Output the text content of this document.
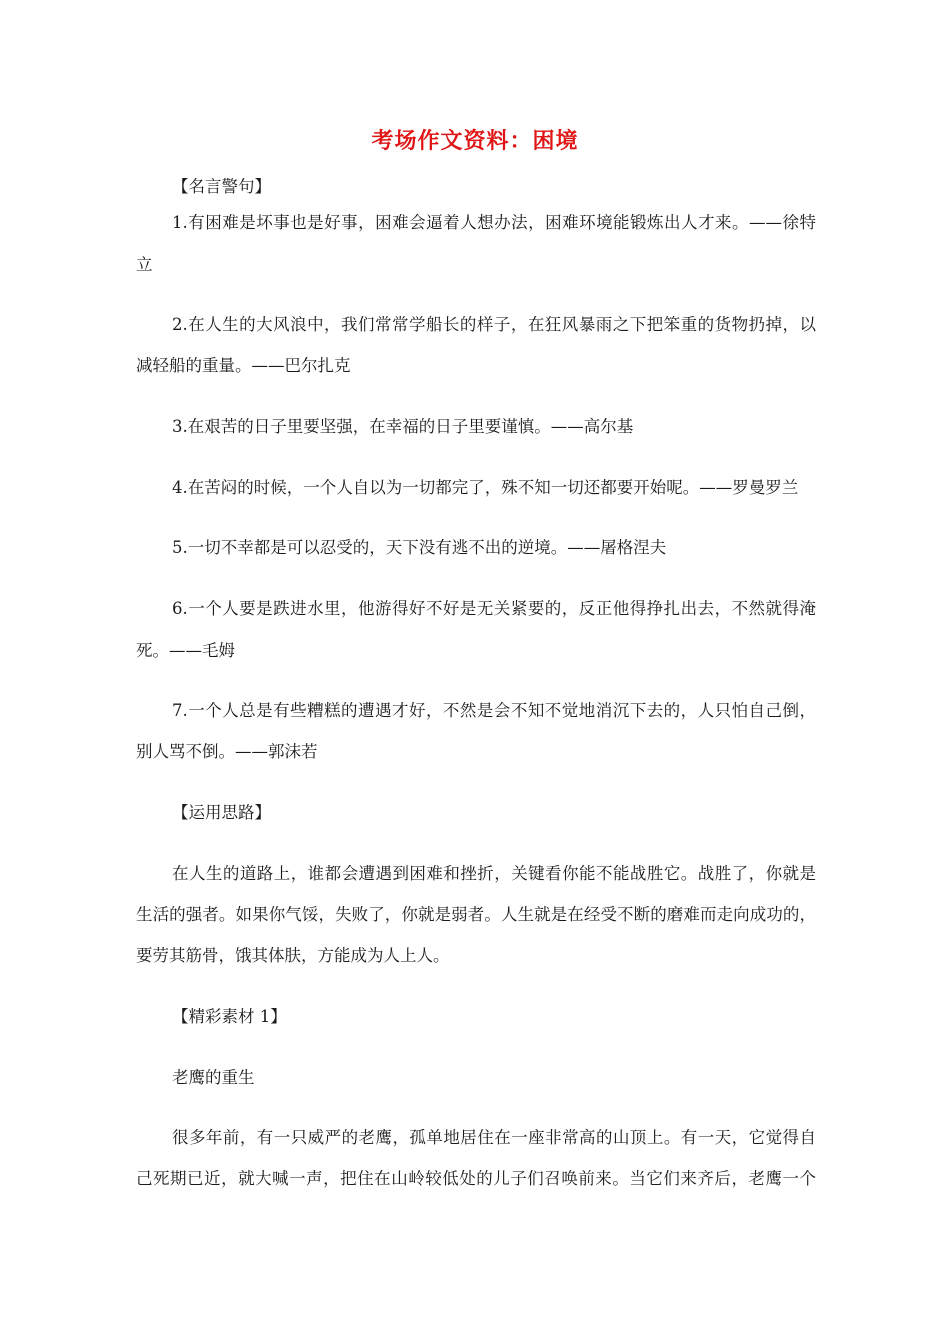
考场作文资料：困境
【名言警句】
1.有困难是坏事也是好事，困难会逼着人想办法，困难环境能锻炼出人才来。——徐特
立
2.在人生的大风浪中，我们常常学船长的样子，在狂风暴雨之下把笨重的货物扔掉，以
减轻船的重量。——巴尔扎克
3.在艰苦的日子里要坚强，在幸福的日子里要谨慎。——高尔基
4.在苦闷的时候，一个人自以为一切都完了，殊不知一切还都要开始呢。——罗曼罗兰
5.一切不幸都是可以忍受的，天下没有逃不出的逆境。——屠格涅夫
6.一个人要是跌进水里，他游得好不好是无关紧要的，反正他得挣扎出去，不然就得淹
死。——毛姆
7.一个人总是有些糟糕的遭遇才好，不然是会不知不觉地消沉下去的，人只怕自己倒，
别人骂不倒。——郭沫若
【运用思路】
在人生的道路上，谁都会遭遇到困难和挫折，关键看你能不能战胜它。战胜了，你就是
生活的强者。如果你气馁，失败了，你就是弱者。人生就是在经受不断的磨难而走向成功的，
要劳其筋骨，饿其体肤，方能成为人上人。
【精彩素材 1】
老鹰的重生
很多年前，有一只威严的老鹰，孤单地居住在一座非常高的山顶上。有一天，它觉得自
己死期已近，就大喊一声，把住在山岭较低处的儿子们召唤前来。当它们来齐后，老鹰一个
